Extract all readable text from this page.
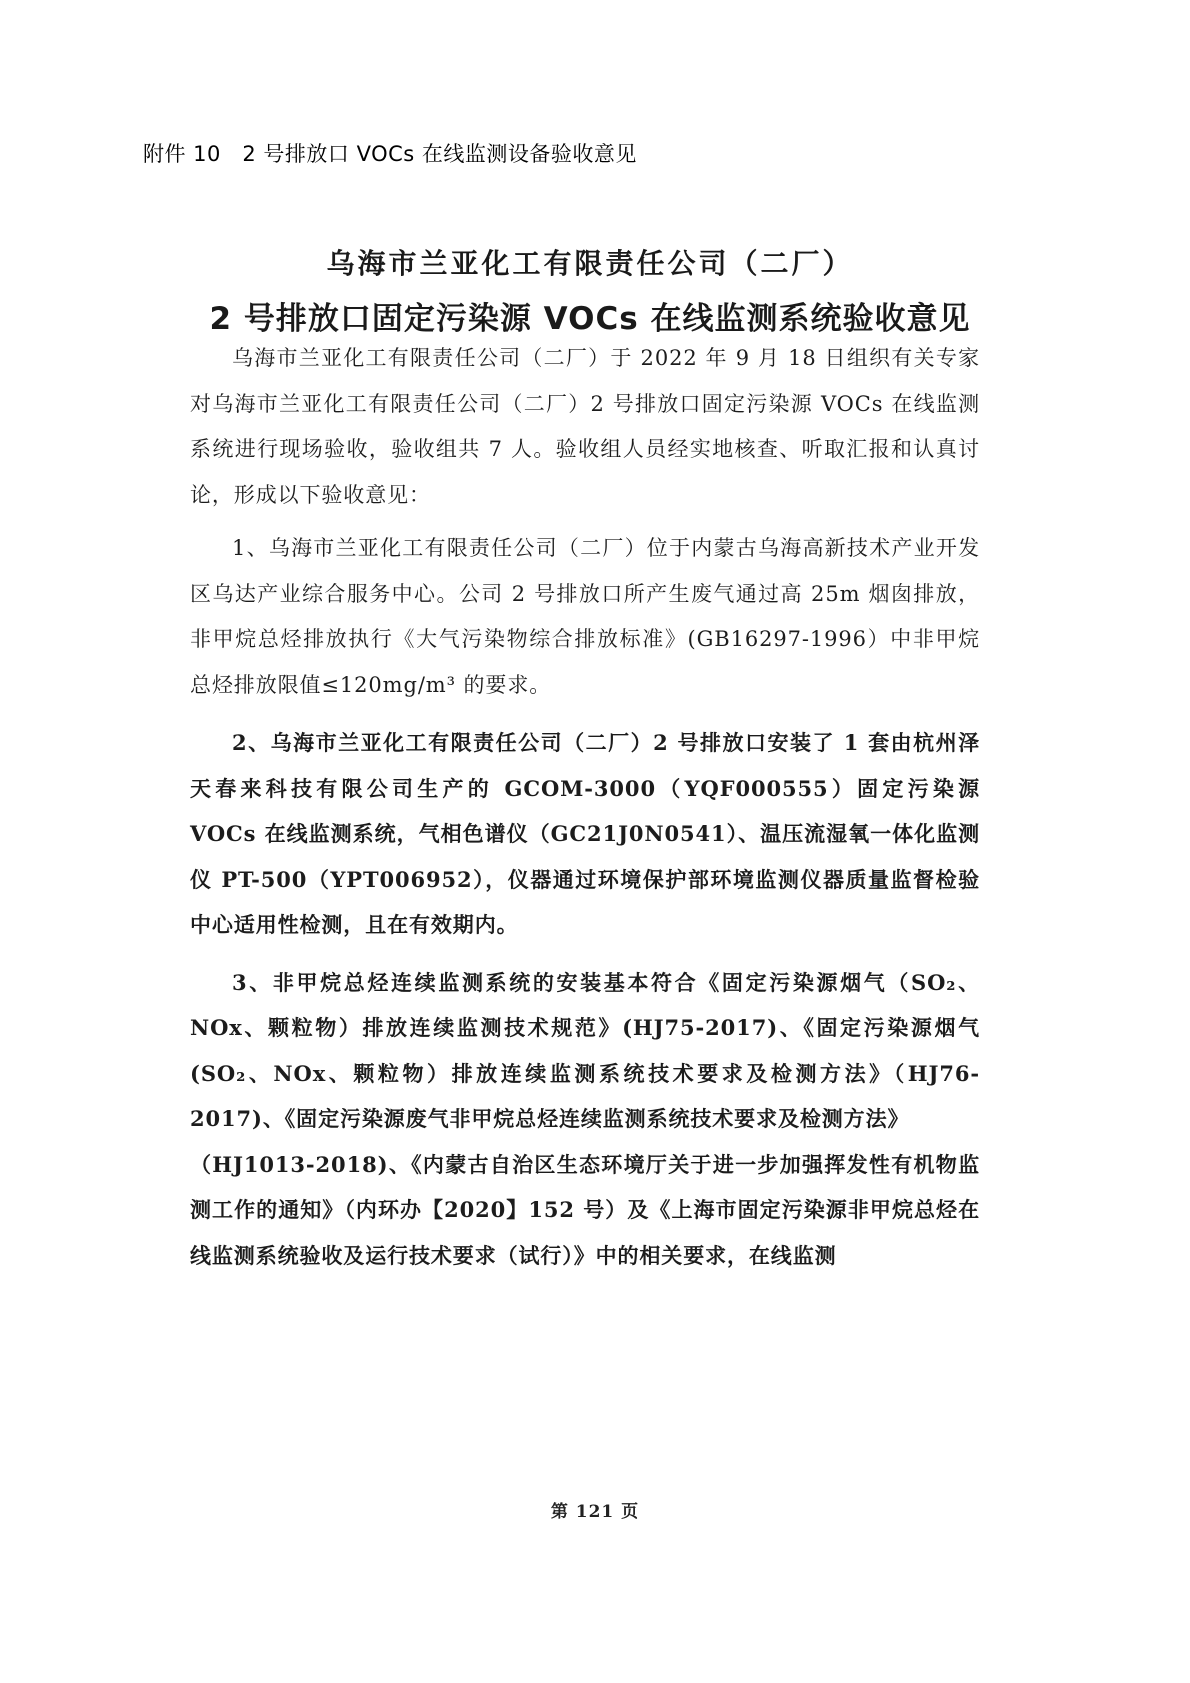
附件 10　2 号排放口 VOCs 在线监测设备验收意见
乌海市兰亚化工有限责任公司（二厂）
2 号排放口固定污染源 VOCs 在线监测系统验收意见

乌海市兰亚化工有限责任公司（二厂）于 2022 年 9 月 18 日组织有关专家对乌海市兰亚化工有限责任公司（二厂）2 号排放口固定污染源 VOCs 在线监测系统进行现场验收，验收组共 7 人。验收组人员经实地核查、听取汇报和认真讨论，形成以下验收意见：

1、乌海市兰亚化工有限责任公司（二厂）位于内蒙古乌海高新技术产业开发区乌达产业综合服务中心。公司 2 号排放口所产生废气通过高 25m 烟囱排放，非甲烷总烃排放执行《大气污染物综合排放标准》(GB16297-1996）中非甲烷总烃排放限值≤120mg/m³ 的要求。

2、乌海市兰亚化工有限责任公司（二厂）2 号排放口安装了 1 套由杭州泽天春来科技有限公司生产的 GCOM-3000（YQF000555）固定污染源 VOCs 在线监测系统，气相色谱仪（GC21J0N0541）、温压流湿氧一体化监测仪 PT-500（YPT006952），仪器通过环境保护部环境监测仪器质量监督检验中心适用性检测，且在有效期内。

3、非甲烷总烃连续监测系统的安装基本符合《固定污染源烟气（SO₂、NOx、颗粒物）排放连续监测技术规范》(HJ75-2017)、《固定污染源烟气(SO₂、NOx、颗粒物）排放连续监测系统技术要求及检测方法》（HJ76-2017)、《固定污染源废气非甲烷总烃连续监测系统技术要求及检测方法》

（HJ1013-2018)、《内蒙古自治区生态环境厅关于进一步加强挥发性有机物监测工作的通知》（内环办【2020】152 号）及《上海市固定污染源非甲烷总烃在线监测系统验收及运行技术要求（试行）》中的相关要求，在线监测

第 121 页
